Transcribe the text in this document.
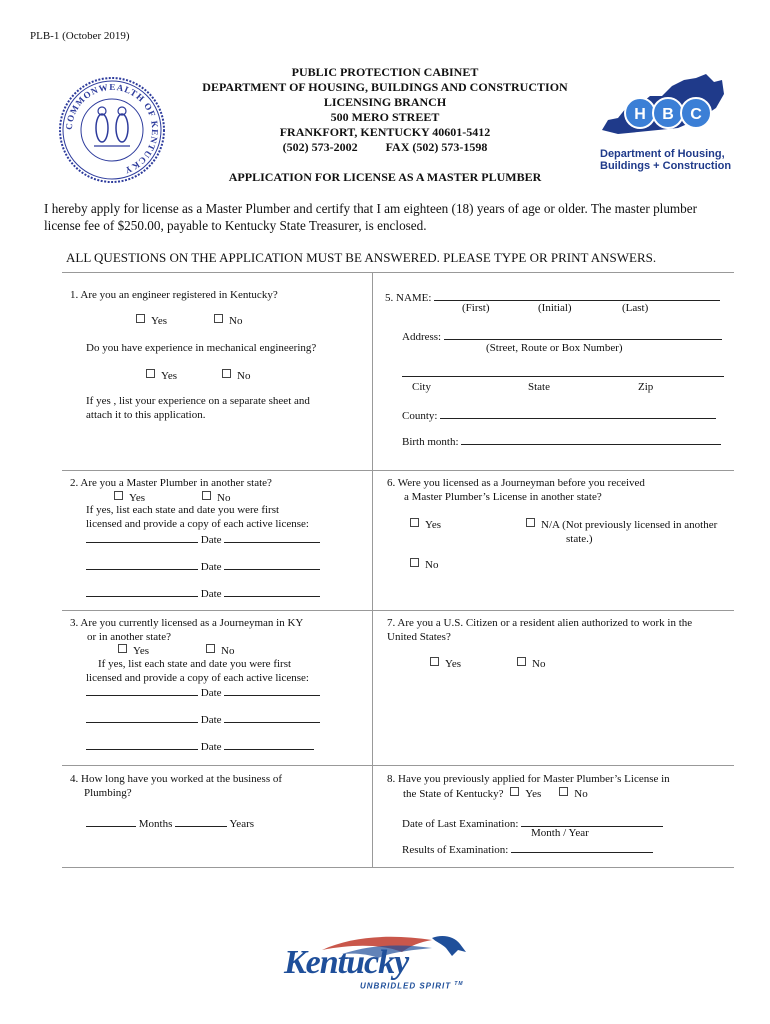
PLB-1 (October 2019)
COMMONWEALTH OF KENTUCKY
PUBLIC PROTECTION CABINET
DEPARTMENT OF HOUSING, BUILDINGS AND CONSTRUCTION
LICENSING BRANCH
500 MERO STREET
FRANKFORT, KENTUCKY 40601-5412
(502) 573-2002 FAX (502) 573-1598
H B C
Department of Housing,
Buildings + Construction
APPLICATION FOR LICENSE AS A MASTER PLUMBER
I hereby apply for license as a Master Plumber and certify that I am eighteen (18) years of age or older. The master plumber license fee of $250.00, payable to Kentucky State Treasurer, is enclosed.
ALL QUESTIONS ON THE APPLICATION MUST BE ANSWERED. PLEASE TYPE OR PRINT ANSWERS.
1. Are you an engineer registered in Kentucky?
Yes	No
Do you have experience in mechanical engineering?
Yes	No
If yes , list your experience on a separate sheet and
attach it to this application.
5. NAME:
(First)	(Initial)	(Last)
Address:
(Street, Route or Box Number)
City	State	Zip
County:
Birth month:
2. Are you a Master Plumber in another state?
Yes	No
If yes, list each state and date you were first
licensed and provide a copy of each active license:
Date
Date
Date
6. Were you licensed as a Journeyman before you received
a Master Plumber’s License in another state?
Yes	N/A (Not previously licensed in another
state.)
No
3. Are you currently licensed as a Journeyman in KY
or in another state?
Yes	No
If yes, list each state and date you were first
licensed and provide a copy of each active license:
Date
Date
Date
7. Are you a U.S. Citizen or a resident alien authorized to work in the
United States?
Yes	No
4. How long have you worked at the business of
Plumbing?
Months	Years
8. Have you previously applied for Master Plumber’s License in
the State of Kentucky? Yes	No
Date of Last Examination:
Month / Year
Results of Examination:
Kentucky
UNBRIDLED SPIRIT ™
